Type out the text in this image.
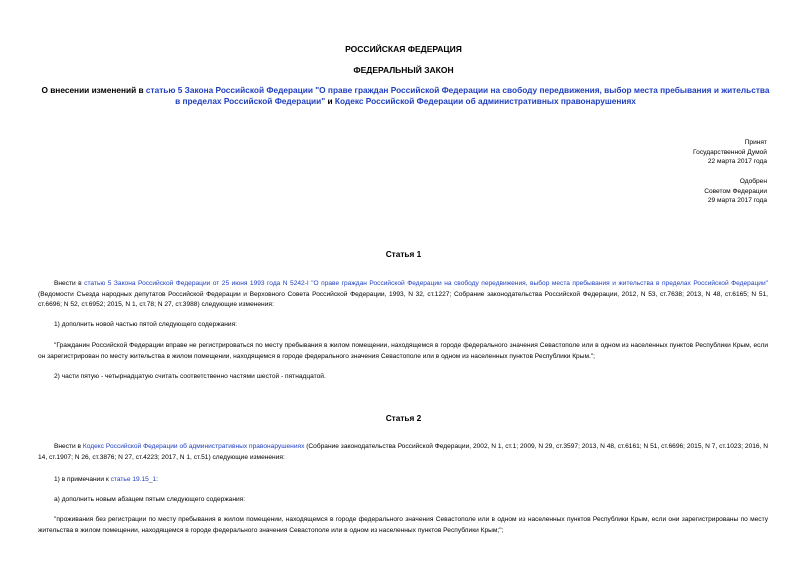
РОССИЙСКАЯ ФЕДЕРАЦИЯ
ФЕДЕРАЛЬНЫЙ ЗАКОН
О внесении изменений в статью 5 Закона Российской Федерации "О праве граждан Российской Федерации на свободу передвижения, выбор места пребывания и жительства в пределах Российской Федерации" и Кодекс Российской Федерации об административных правонарушениях
Принят
Государственной Думой
22 марта 2017 года
Одобрен
Советом Федерации
29 марта 2017 года
Статья 1
Внести в статью 5 Закона Российской Федерации от 25 июня 1993 года N 5242-I "О праве граждан Российской Федерации на свободу передвижения, выбор места пребывания и жительства в пределах Российской Федерации" (Ведомости Съезда народных депутатов Российской Федерации и Верховного Совета Российской Федерации, 1993, N 32, ст.1227; Собрание законодательства Российской Федерации, 2012, N 53, ст.7638; 2013, N 48, ст.6165; N 51, ст.6696; N 52, ст.6952; 2015, N 1, ст.78; N 27, ст.3988) следующие изменения:
1) дополнить новой частью пятой следующего содержания:
"Гражданин Российской Федерации вправе не регистрироваться по месту пребывания в жилом помещении, находящемся в городе федерального значения Севастополе или в одном из населенных пунктов Республики Крым, если он зарегистрирован по месту жительства в жилом помещении, находящемся в городе федерального значения Севастополе или в одном из населенных пунктов Республики Крым.";
2) части пятую - четырнадцатую считать соответственно частями шестой - пятнадцатой.
Статья 2
Внести в Кодекс Российской Федерации об административных правонарушениях (Собрание законодательства Российской Федерации, 2002, N 1, ст.1; 2009, N 29, ст.3597; 2013, N 48, ст.6161; N 51, ст.6696; 2015, N 7, ст.1023; 2016, N 14, ст.1907; N 26, ст.3876; N 27, ст.4223; 2017, N 1, ст.51) следующие изменения:
1) в примечании к статье 19.15_1:
а) дополнить новым абзацем пятым следующего содержания:
"проживания без регистрации по месту пребывания в жилом помещении, находящемся в городе федерального значения Севастополе или в одном из населенных пунктов Республики Крым, если они зарегистрированы по месту жительства в жилом помещении, находящемся в городе федерального значения Севастополе или в одном из населенных пунктов Республики Крым;";
